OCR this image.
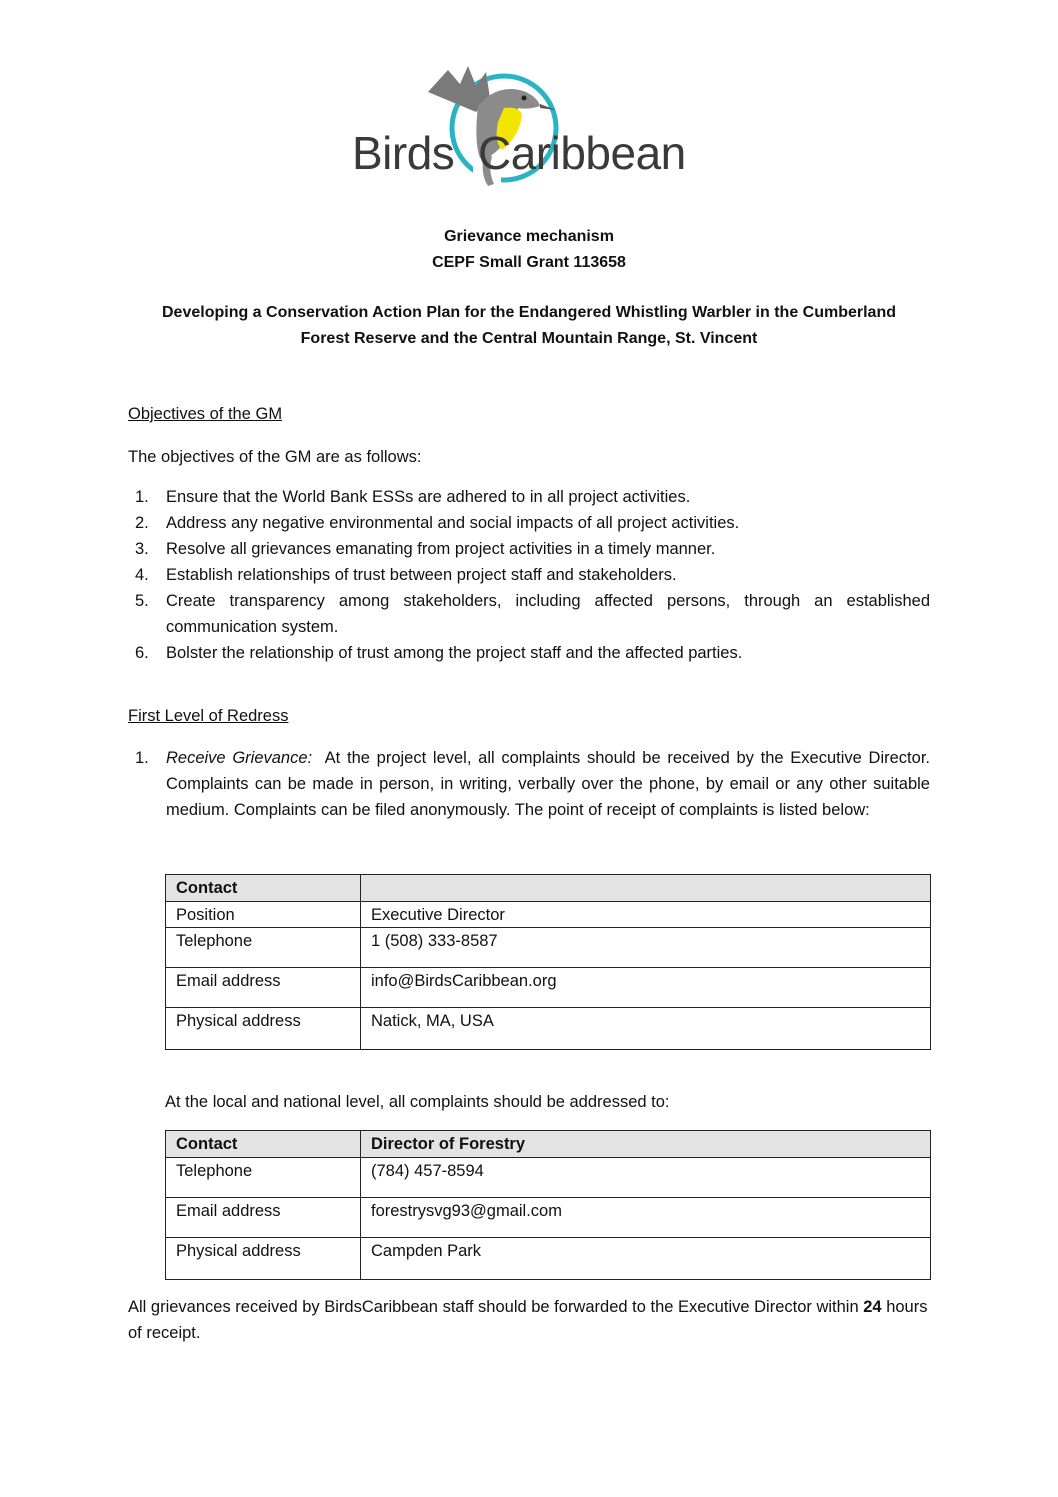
Birds Caribbean
Grievance mechanism
CEPF Small Grant 113658
Developing a Conservation Action Plan for the Endangered Whistling Warbler in the Cumberland
Forest Reserve and the Central Mountain Range, St. Vincent
Objectives of the GM
The objectives of the GM are as follows:
1. Ensure that the World Bank ESSs are adhered to in all project activities.
2. Address any negative environmental and social impacts of all project activities.
3. Resolve all grievances emanating from project activities in a timely manner.
4. Establish relationships of trust between project staff and stakeholders.
5. Create transparency among stakeholders, including affected persons, through an established communication system.
6. Bolster the relationship of trust among the project staff and the affected parties.
First Level of Redress
1. Receive Grievance: At the project level, all complaints should be received by the Executive Director. Complaints can be made in person, in writing, verbally over the phone, by email or any other suitable medium. Complaints can be filed anonymously. The point of receipt of complaints is listed below:
Contact	
Position	Executive Director
Telephone	1 (508) 333-8587
Email address	info@BirdsCaribbean.org
Physical address	Natick, MA, USA
At the local and national level, all complaints should be addressed to:
Contact	Director of Forestry
Telephone	(784) 457-8594
Email address	forestrysvg93@gmail.com
Physical address	Campden Park
All grievances received by BirdsCaribbean staff should be forwarded to the Executive Director within 24 hours of receipt.
